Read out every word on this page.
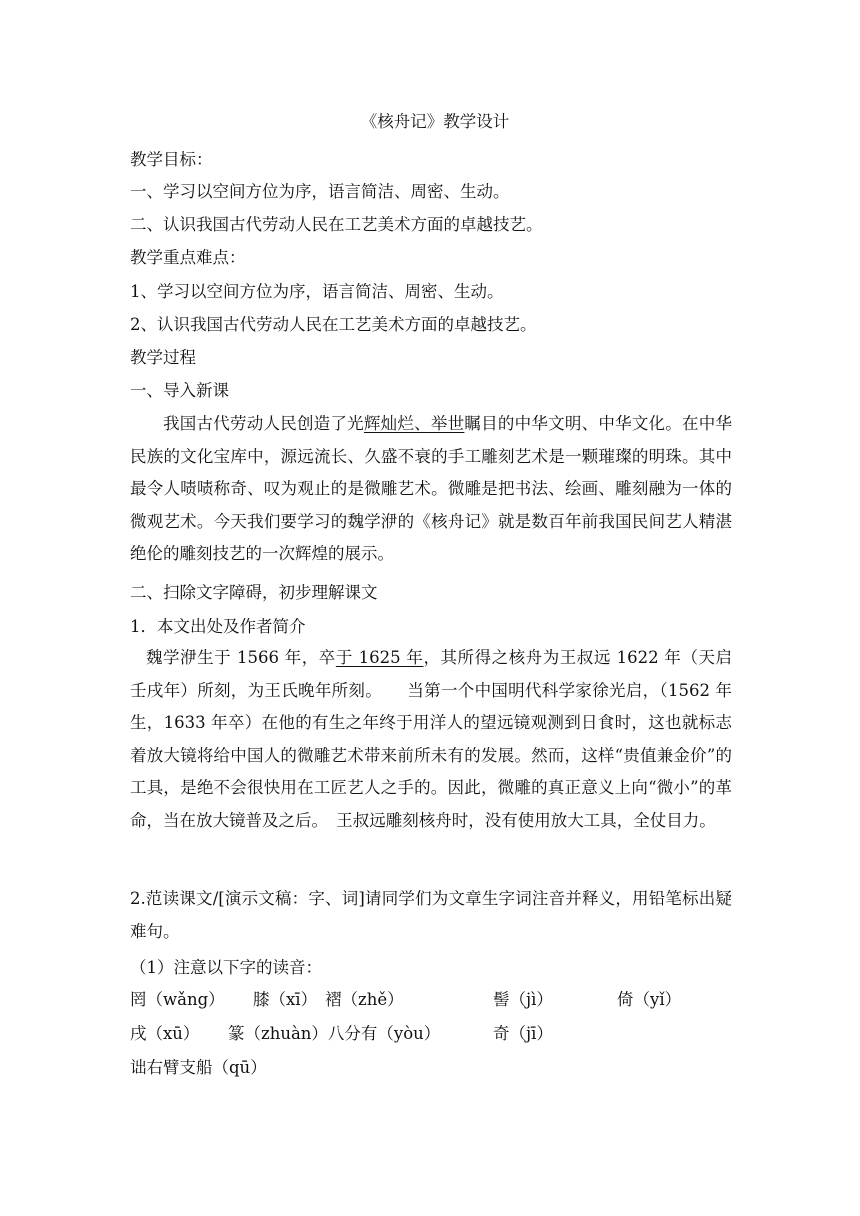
《核舟记》教学设计
教学目标：
一、学习以空间方位为序，语言简洁、周密、生动。
二、认识我国古代劳动人民在工艺美术方面的卓越技艺。
教学重点难点：
1、学习以空间方位为序，语言简洁、周密、生动。
2、认识我国古代劳动人民在工艺美术方面的卓越技艺。
教学过程
一、导入新课
我国古代劳动人民创造了光辉灿烂、举世瞩目的中华文明、中华文化。在中华民族的文化宝库中，源远流长、久盛不衰的手工雕刻艺术是一颗璀璨的明珠。其中最令人啧啧称奇、叹为观止的是微雕艺术。微雕是把书法、绘画、雕刻融为一体的微观艺术。今天我们要学习的魏学洢的《核舟记》就是数百年前我国民间艺人精湛绝伦的雕刻技艺的一次辉煌的展示。
二、扫除文字障碍，初步理解课文
1．本文出处及作者简介
魏学洢生于 1566 年，卒于 1625 年，其所得之核舟为王叔远 1622 年（天启壬戌年）所刻，为王氏晚年所刻。　　当第一个中国明代科学家徐光启，（1562 年生，1633 年卒）在他的有生之年终于用洋人的望远镜观测到日食时，这也就标志着放大镜将给中国人的微雕艺术带来前所未有的发展。然而，这样“贵值兼金价”的工具，是绝不会很快用在工匠艺人之手的。因此，微雕的真正意义上向“微小”的革命，当在放大镜普及之后。　王叔远雕刻核舟时，没有使用放大工具，全仗目力。
2.范读课文/[演示文稿：字、词]请同学们为文章生字词注音并释义，用铅笔标出疑难句。
（1）注意以下字的读音：
罔（wǎng） 膝（xī） 褶（zhě）	髻（jì）	倚（yǐ）
戌（xū） 篆（zhuàn）八分有（yòu）	奇（jī）
诎右臂支船（qū）
